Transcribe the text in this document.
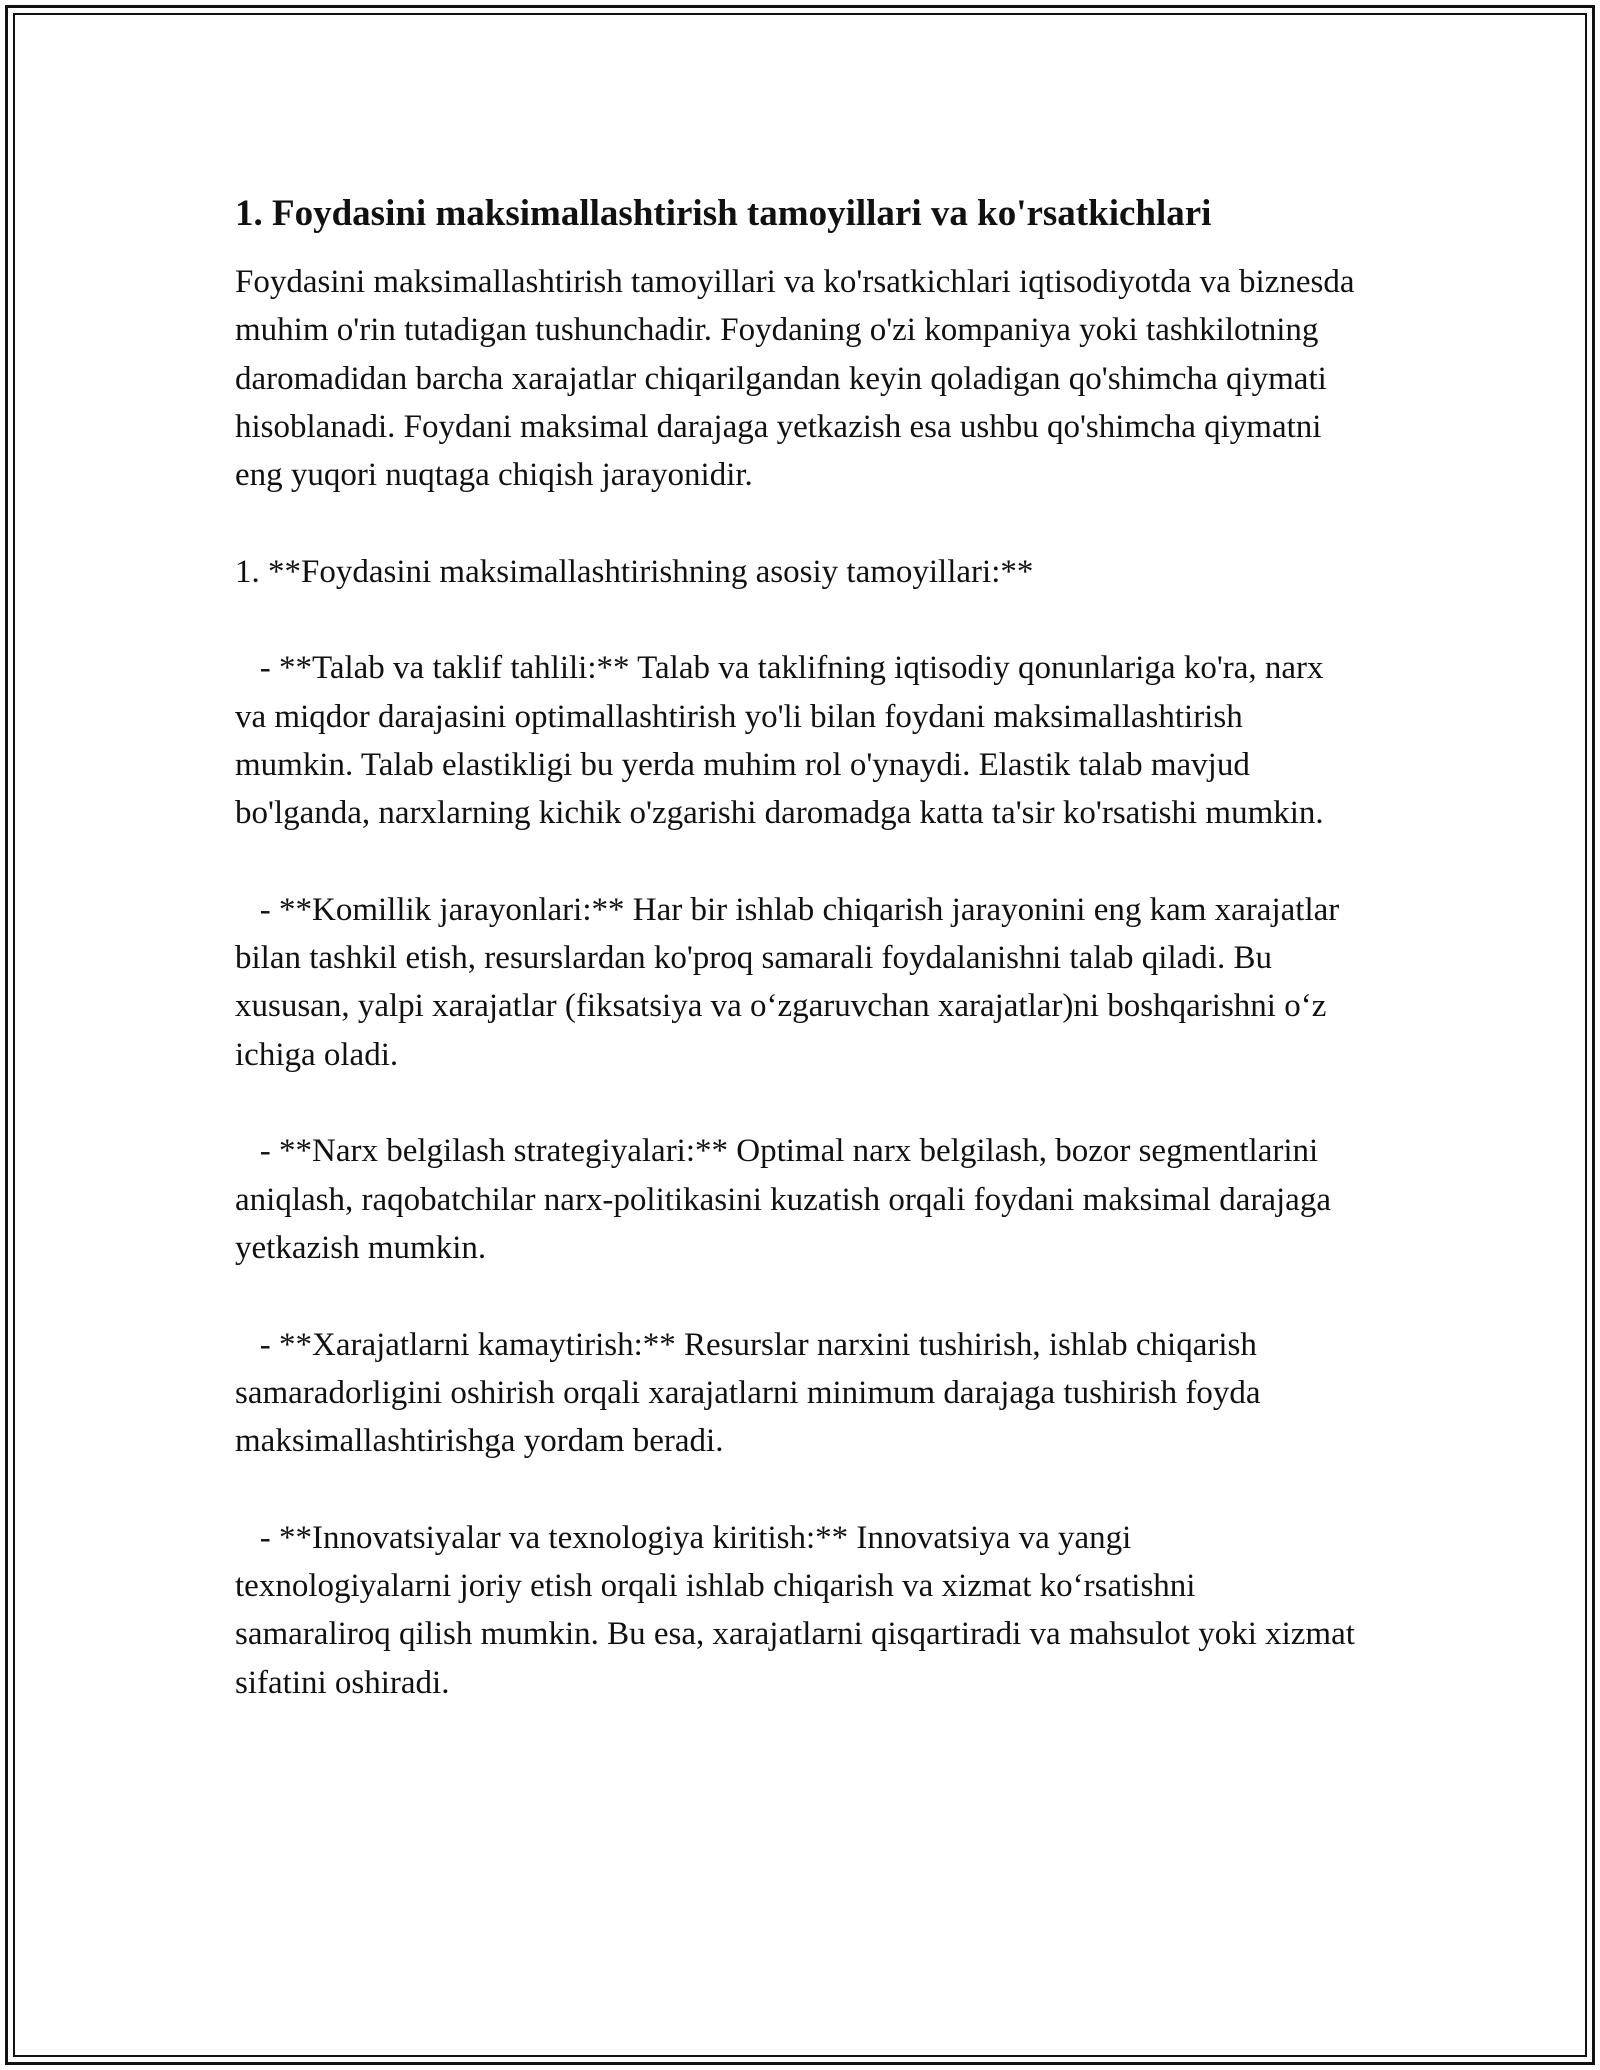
1. Foydasini maksimallashtirish tamoyillari va ko'rsatkichlari

Foydasini maksimallashtirish tamoyillari va ko'rsatkichlari iqtisodiyotda va biznesda muhim o'rin tutadigan tushunchadir. Foydaning o'zi kompaniya yoki tashkilotning daromadidan barcha xarajatlar chiqarilgandan keyin qoladigan qo'shimcha qiymati hisoblanadi. Foydani maksimal darajaga yetkazish esa ushbu qo'shimcha qiymatni eng yuqori nuqtaga chiqish jarayonidir.

1. **Foydasini maksimallashtirishning asosiy tamoyillari:**

- **Talab va taklif tahlili:** Talab va taklifning iqtisodiy qonunlariga ko'ra, narx va miqdor darajasini optimallashtirish yo'li bilan foydani maksimallashtirish mumkin. Talab elastikligi bu yerda muhim rol o'ynaydi. Elastik talab mavjud bo'lganda, narxlarning kichik o'zgarishi daromadga katta ta'sir ko'rsatishi mumkin.

- **Komillik jarayonlari:** Har bir ishlab chiqarish jarayonini eng kam xarajatlar bilan tashkil etish, resurslardan ko'proq samarali foydalanishni talab qiladi. Bu xususan, yalpi xarajatlar (fiksatsiya va o‘zgaruvchan xarajatlar)ni boshqarishni o‘z ichiga oladi.

- **Narx belgilash strategiyalari:** Optimal narx belgilash, bozor segmentlarini aniqlash, raqobatchilar narx-politikasini kuzatish orqali foydani maksimal darajaga yetkazish mumkin.

- **Xarajatlarni kamaytirish:** Resurslar narxini tushirish, ishlab chiqarish samaradorligini oshirish orqali xarajatlarni minimum darajaga tushirish foyda maksimallashtirishga yordam beradi.

- **Innovatsiyalar va texnologiya kiritish:** Innovatsiya va yangi texnologiyalarni joriy etish orqali ishlab chiqarish va xizmat ko‘rsatishni samaraliroq qilish mumkin. Bu esa, xarajatlarni qisqartiradi va mahsulot yoki xizmat sifatini oshiradi.
